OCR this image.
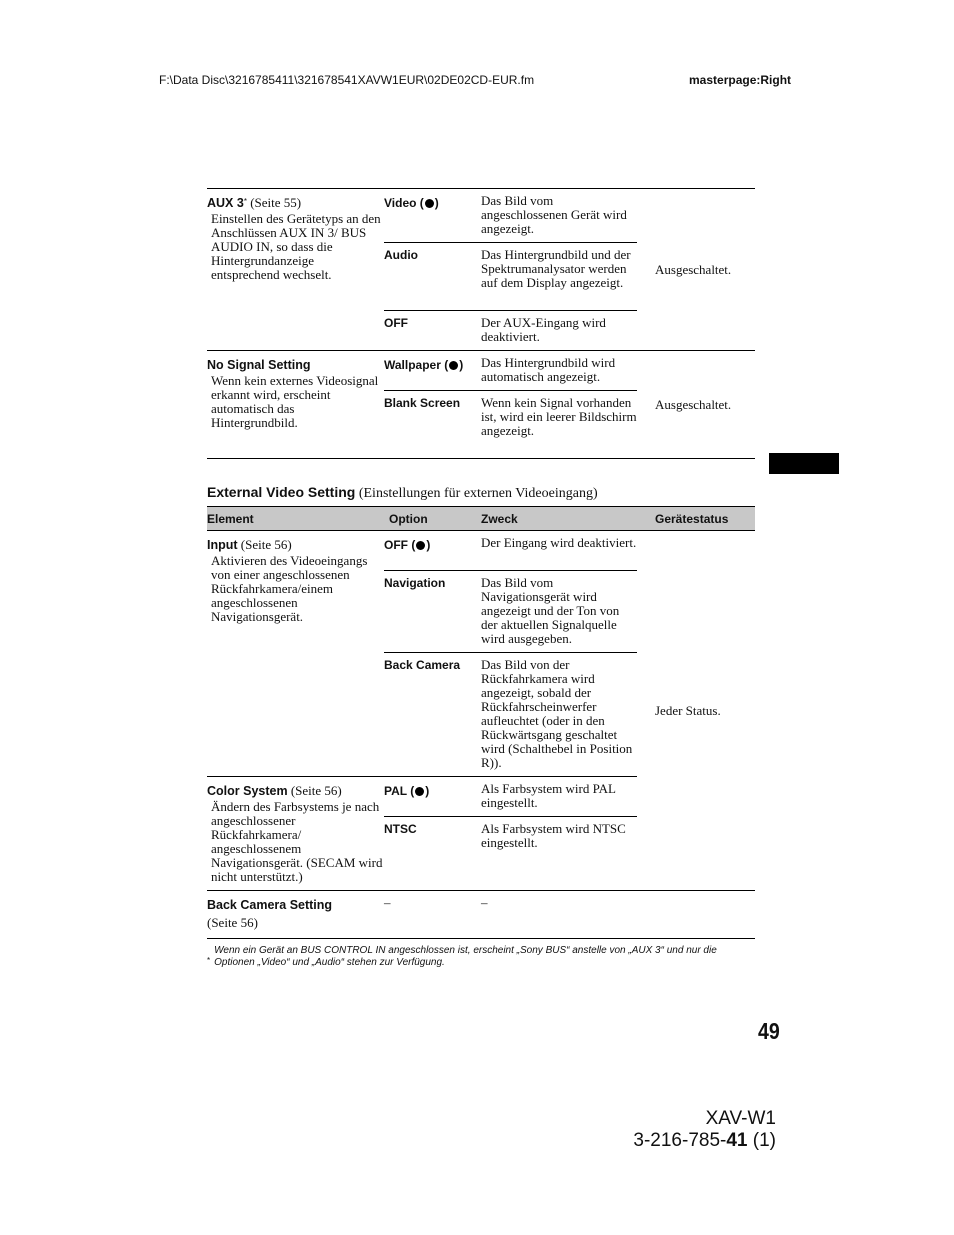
F:\Data Disc\3216785411\321678541XAVW1EUR\02DE02CD-EUR.fm	masterpage:Right
AUX 3* (Seite 55)
Einstellen des Gerätetyps an den Anschlüssen AUX IN 3/ BUS AUDIO IN, so dass die Hintergrundanzeige entsprechend wechselt.	Video ( )	Das Bild vom angeschlossenen Gerät wird angezeigt.	Ausgeschaltet.
	Audio	Das Hintergrundbild und der Spektrumanalysator werden auf dem Display angezeigt.	
	OFF	Der AUX-Eingang wird deaktiviert.	
No Signal Setting
Wenn kein externes Videosignal erkannt wird, erscheint automatisch das Hintergrundbild.	Wallpaper ( )	Das Hintergrundbild wird automatisch angezeigt.	Ausgeschaltet.
	Blank Screen	Wenn kein Signal vorhanden ist, wird ein leerer Bildschirm angezeigt.	
External Video Setting (Einstellungen für externen Videoeingang)
Element	Option	Zweck	Gerätestatus
Input (Seite 56)
Aktivieren des Videoeingangs von einer angeschlossenen Rückfahrkamera/einem angeschlossenen Navigationsgerät.	OFF ( )	Der Eingang wird deaktiviert.	Jeder Status.
	Navigation	Das Bild vom Navigationsgerät wird angezeigt und der Ton von der aktuellen Signalquelle wird ausgegeben.	
	Back Camera	Das Bild von der Rückfahrkamera wird angezeigt, sobald der Rückfahrscheinwerfer aufleuchtet (oder in den Rückwärtsgang geschaltet wird (Schalthebel in Position R)).	
Color System (Seite 56)
Ändern des Farbsystems je nach angeschlossener Rückfahrkamera/ angeschlossenem Navigationsgerät. (SECAM wird nicht unterstützt.)	PAL ( )	Als Farbsystem wird PAL eingestellt.	
	NTSC	Als Farbsystem wird NTSC eingestellt.	
Back Camera Setting
(Seite 56)	–	–	
*Wenn ein Gerät an BUS CONTROL IN angeschlossen ist, erscheint „Sony BUS“ anstelle von „AUX 3“ und nur die Optionen „Video“ und „Audio“ stehen zur Verfügung.
49
XAV-W1
3-216-785-41 (1)
